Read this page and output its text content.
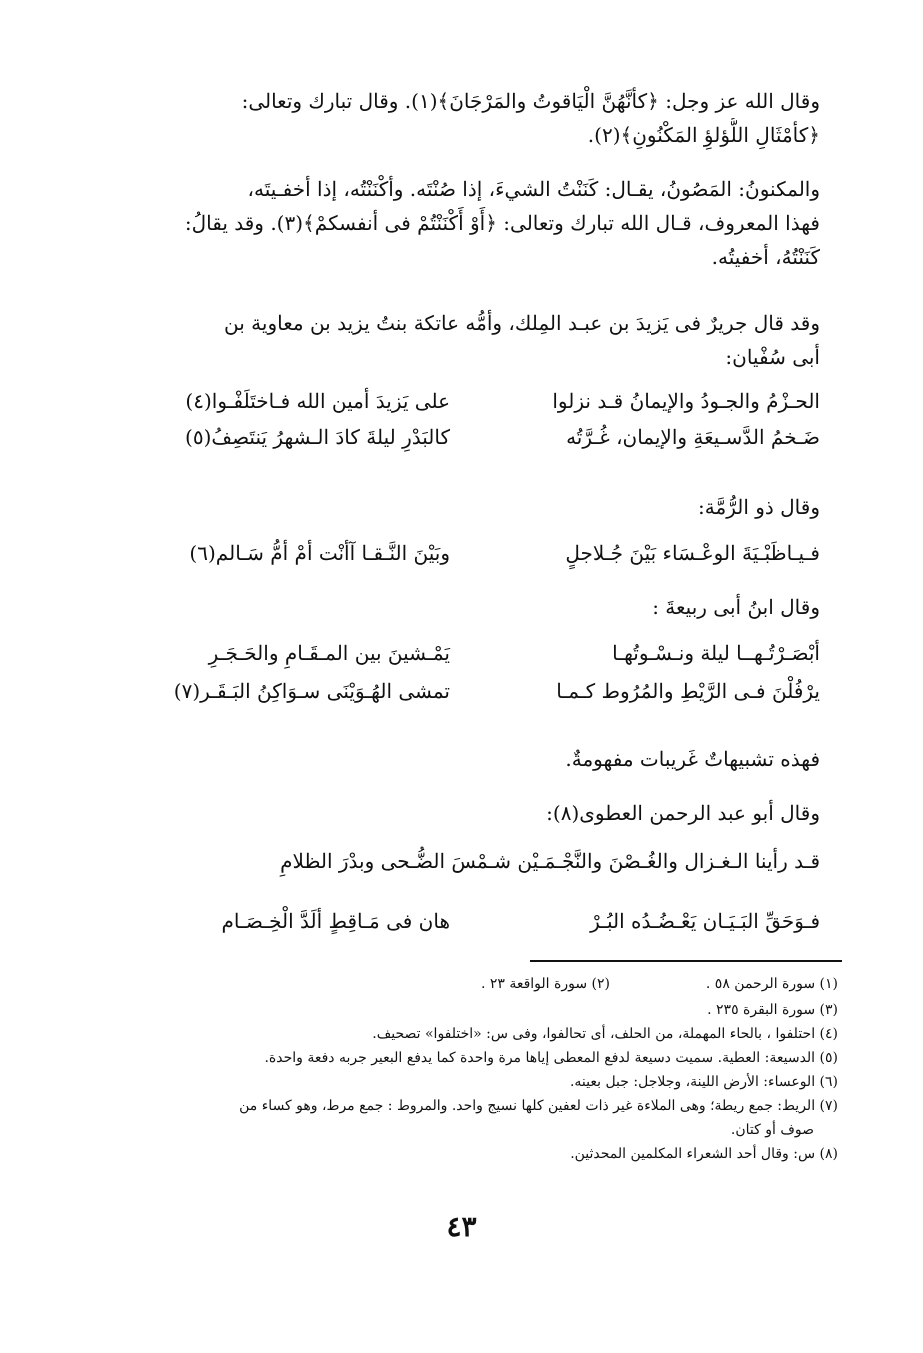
وقال الله عز وجل: ﴿كأنَّهُنَّ الْيَاقوتُ والمَرْجَانَ﴾(١). وقال تبارك وتعالى:
﴿كأمْثَالِ اللُّؤلؤِ المَكْنُونِ﴾(٢).
والمكنونُ: المَصُونُ، يقـال: كَنَنْتُ الشيءَ، إذا صُنْتَه. وأكْنَنْتُه، إذا أخفـيتَه،
فهذا المعروف، قـال الله تبارك وتعالى: ﴿أَوْ أَكْنَنْتُمْ فى أنفسكمْ﴾(٣). وقد يقالُ:
كَنَنْتُهُ، أخفيتُه.
وقد قال جريرٌ فى يَزيدَ بن عبـد المِلك، وأمُّه عاتكة بنتُ يزيد بن معاوية بن
أبى سُفْيان:
الحـزْمُ والجـودُ والإيمانُ قـد نزلوا
على يَزيدَ أمين الله فـاختَلَفْـوا(٤)
ضَـخمُ الدَّسـيعَةِ والإيمان، غُـرَّتُه
كالبَدْرِ ليلةَ كادَ الـشهرُ يَنتَصِفُ(٥)
وقال ذو الرُّمَّة:
فـيـاظَبْـيَةَ الوعْـسَاء بَيْنَ جُـلاجلٍ
وبَيْنَ النَّـقـا آأنْت أمْ أمُّ سَـالم(٦)
وقال ابنُ أبى ربيعةَ :
أبْصَـرْتُـهــا ليلة ونـسْـوتُهـا
يَمْـشينَ بين المـقَـامِ والحَـجَـرِ
يرْفُلْنَ فـى الرَّيْطِ والمُرُوط كـمـا
تمشى الهُـوَيْنَى سـوَاكِنُ البَـقَـر(٧)
فهذه تشبيهاتٌ غَريبات مفهومةٌ.
وقال أبو عبد الرحمن العطوى(٨):
قـد رأينا الـغـزال والغُـصْنَ والنَّجْـمَـيْن شـمْسَ الضُّـحى وبدْرَ الظلامِ
فـوَحَقِّ البَـيَـان يَعْـضُـدُه البُـرْ
هان فى مَـاقِطٍ ألَدَّ الْخِـصَـام
(١) سورة الرحمن ٥٨ .
(٢) سورة الواقعة ٢٣ .
(٣) سورة البقرة ٢٣٥ .
(٤) احتلفوا ، بالحاء المهملة، من الحلف، أى تحالفوا، وفى س: «اختلفوا» تصحيف.
(٥) الدسيعة: العطية. سميت دسيعة لدفع المعطى إياها مرة واحدة كما يدفع البعير جربه دفعة واحدة.
(٦) الوعساء: الأرض اللينة، وجلاجل: جبل بعينه.
(٧) الريط: جمع ريطة؛ وهى الملاءة غير ذات لعفين كلها نسيج واحد. والمروط : جمع مرط، وهو كساء من
صوف أو كتان.
(٨) س: وقال أحد الشعراء المكلمين المحدثين.
٤٣
